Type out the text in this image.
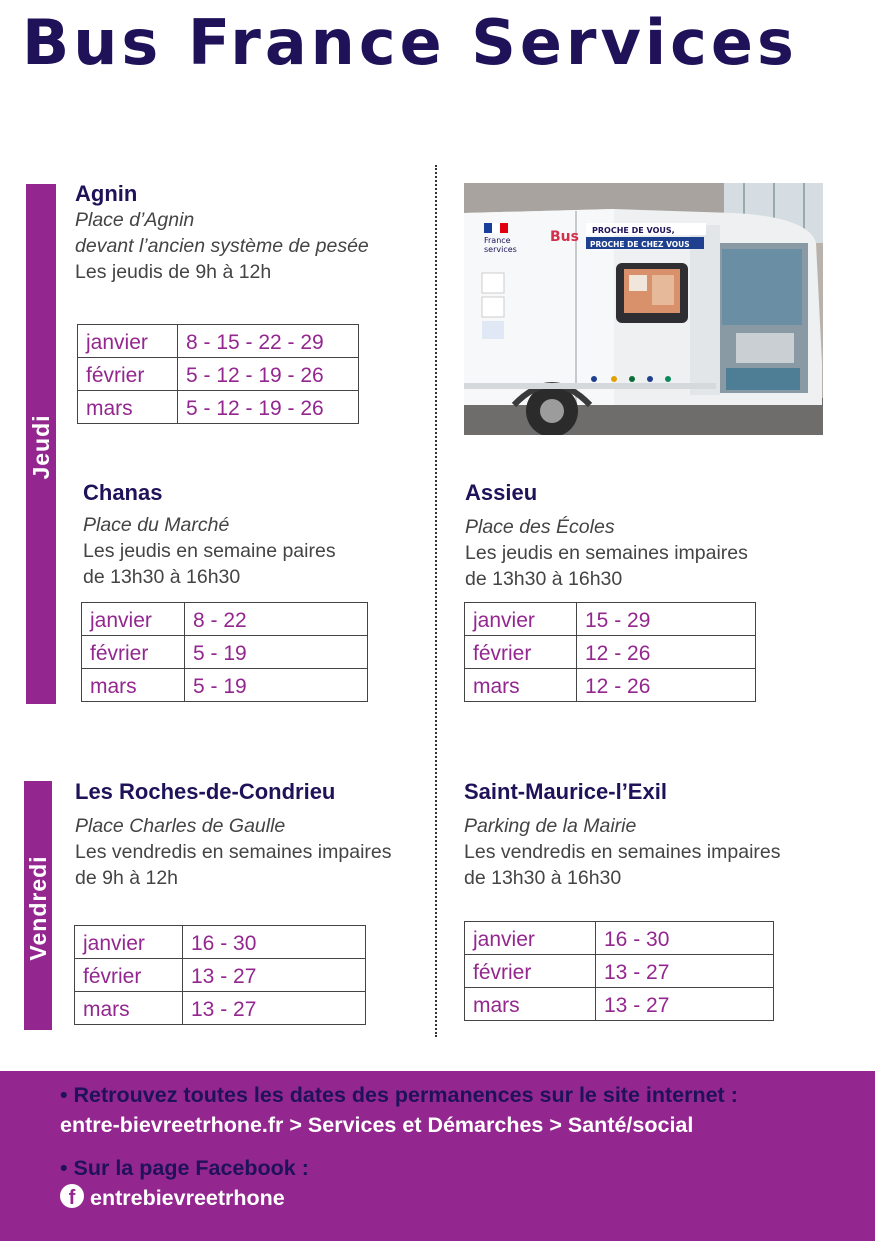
Bus France Services
Jeudi
Vendredi
Agnin
Place d’Agnin
devant l’ancien système de pesée
Les jeudis de 9h à 12h
janvier	8 - 15 - 22 - 29
février	5 - 12 - 19 - 26
mars	5 - 12 - 19 - 26
Chanas
Place du Marché
Les jeudis en semaine paires
de 13h30 à 16h30
janvier	8 - 22
février	5 - 19
mars	5 - 19
Assieu
Place des Écoles
Les jeudis en semaines impaires
de 13h30 à 16h30
janvier	15 - 29
février	12 - 26
mars	12 - 26
Les Roches-de-Condrieu
Place Charles de Gaulle
Les vendredis en semaines impaires
de 9h à 12h
janvier	16 - 30
février	13 - 27
mars	13 - 27
Saint-Maurice-l’Exil
Parking de la Mairie
Les vendredis en semaines impaires
de 13h30 à 16h30
janvier	16 - 30
février	13 - 27
mars	13 - 27
France
services
Bus PROCHE DE VOUS,
PROCHE DE CHEZ VOUS
• Retrouvez toutes les dates des permanences sur le site internet :
entre-bievreetrhone.fr > Services et Démarches > Santé/social
• Sur la page Facebook :
f entrebievreetrhone
